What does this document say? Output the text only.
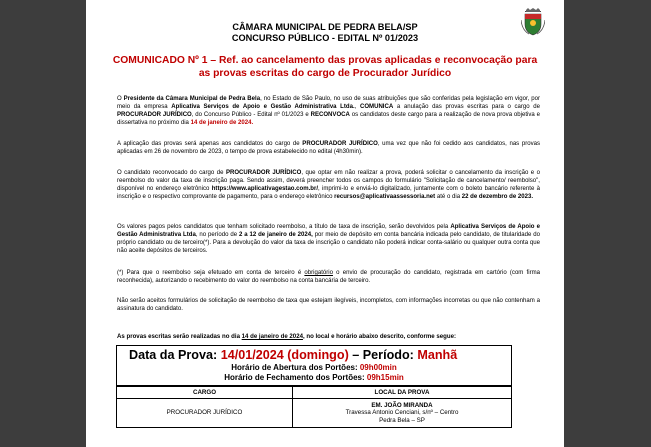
CÂMARA MUNICIPAL DE PEDRA BELA/SP
CONCURSO PÚBLICO - EDITAL Nº 01/2023
COMUNICADO Nº 1 – Ref. ao cancelamento das provas aplicadas e reconvocação para
as provas escritas do cargo de Procurador Jurídico
O Presidente da Câmara Municipal de Pedra Bela, no Estado de São Paulo, no uso de suas atribuições que são conferidas pela legislação em vigor, por meio da empresa Aplicativa Serviços de Apoio e Gestão Administrativa Ltda., COMUNICA a anulação das provas escritas para o cargo de PROCURADOR JURÍDICO, do Concurso Público - Edital nº 01/2023 e RECONVOCA os candidatos deste cargo para a realização de nova prova objetiva e dissertativa no próximo dia 14 de janeiro de 2024.
A aplicação das provas será apenas aos candidatos do cargo de PROCURADOR JURÍDICO, uma vez que não foi cedido aos candidatos, nas provas aplicadas em 26 de novembro de 2023, o tempo de prova estabelecido no edital (4h30min).
O candidato reconvocado do cargo de PROCURADOR JURÍDICO, que optar em não realizar a prova, poderá solicitar o cancelamento da inscrição e o reembolso do valor da taxa de inscrição paga. Sendo assim, deverá preencher todos os campos do formulário "Solicitação de cancelamento/ reembolso", disponível no endereço eletrônico https://www.aplicativagestao.com.br/, imprimi-lo e enviá-lo digitalizado, juntamente com o boleto bancário referente à inscrição e o respectivo comprovante de pagamento, para o endereço eletrônico recursos@aplicativaassessoria.net até o dia 22 de dezembro de 2023.
Os valores pagos pelos candidatos que tenham solicitado reembolso, a título de taxa de inscrição, serão devolvidos pela Aplicativa Serviços de Apoio e Gestão Administrativa Ltda, no período de 2 a 12 de janeiro de 2024, por meio de depósito em conta bancária indicada pelo candidato, de titularidade do próprio candidato ou de terceiro(*). Para a devolução do valor da taxa de inscrição o candidato não poderá indicar conta-salário ou qualquer outra conta que não aceite depósitos de terceiros.
(*) Para que o reembolso seja efetuado em conta de terceiro é obrigatório o envio de procuração do candidato, registrada em cartório (com firma reconhecida), autorizando o recebimento do valor do reembolso na conta bancária de terceiro.
Não serão aceitos formulários de solicitação de reembolso de taxa que estejam ilegíveis, incompletos, com informações incorretas ou que não contenham a assinatura do candidato.
As provas escritas serão realizadas no dia 14 de janeiro de 2024, no local e horário abaixo descrito, conforme segue:
Data da Prova: 14/01/2024 (domingo) – Período: Manhã
Horário de Abertura dos Portões: 09h00min
Horário de Fechamento dos Portões: 09h15min
CARGO	LOCAL DA PROVA
PROCURADOR JURÍDICO	EM. JOÃO MIRANDA
Travessa Antonio Cenciani, s/nº – Centro
Pedra Bela – SP
